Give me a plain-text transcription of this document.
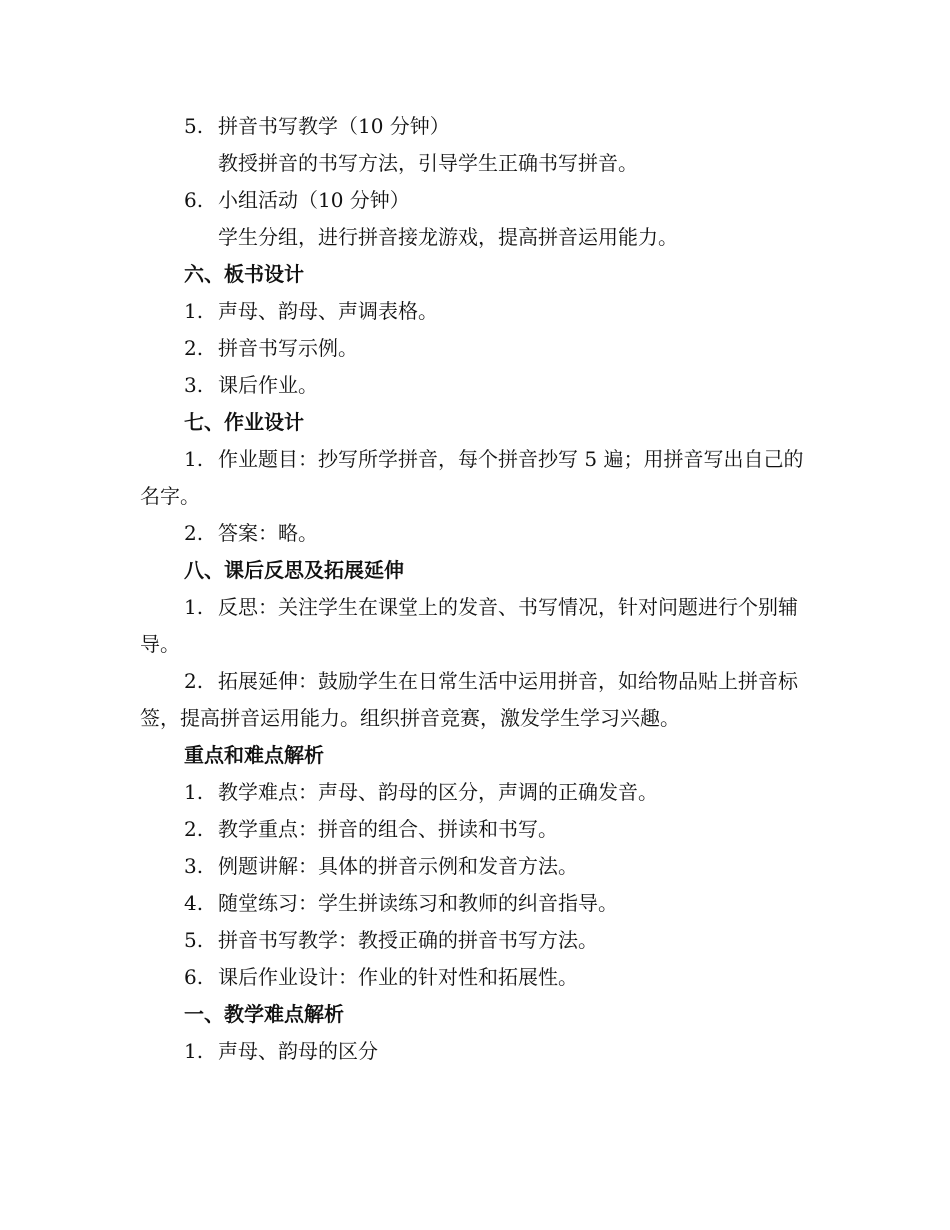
5. 拼音书写教学（10 分钟）

教授拼音的书写方法，引导学生正确书写拼音。

6. 小组活动（10 分钟）

学生分组，进行拼音接龙游戏，提高拼音运用能力。

六、板书设计

1. 声母、韵母、声调表格。

2. 拼音书写示例。

3. 课后作业。

七、作业设计

1. 作业题目：抄写所学拼音，每个拼音抄写 5 遍；用拼音写出自己的名字。

2. 答案：略。

八、课后反思及拓展延伸

1. 反思：关注学生在课堂上的发音、书写情况，针对问题进行个别辅导。

2. 拓展延伸：鼓励学生在日常生活中运用拼音，如给物品贴上拼音标签，提高拼音运用能力。组织拼音竞赛，激发学生学习兴趣。

重点和难点解析

1. 教学难点：声母、韵母的区分，声调的正确发音。

2. 教学重点：拼音的组合、拼读和书写。

3. 例题讲解：具体的拼音示例和发音方法。

4. 随堂练习：学生拼读练习和教师的纠音指导。

5. 拼音书写教学：教授正确的拼音书写方法。

6. 课后作业设计：作业的针对性和拓展性。

一、教学难点解析

1. 声母、韵母的区分
